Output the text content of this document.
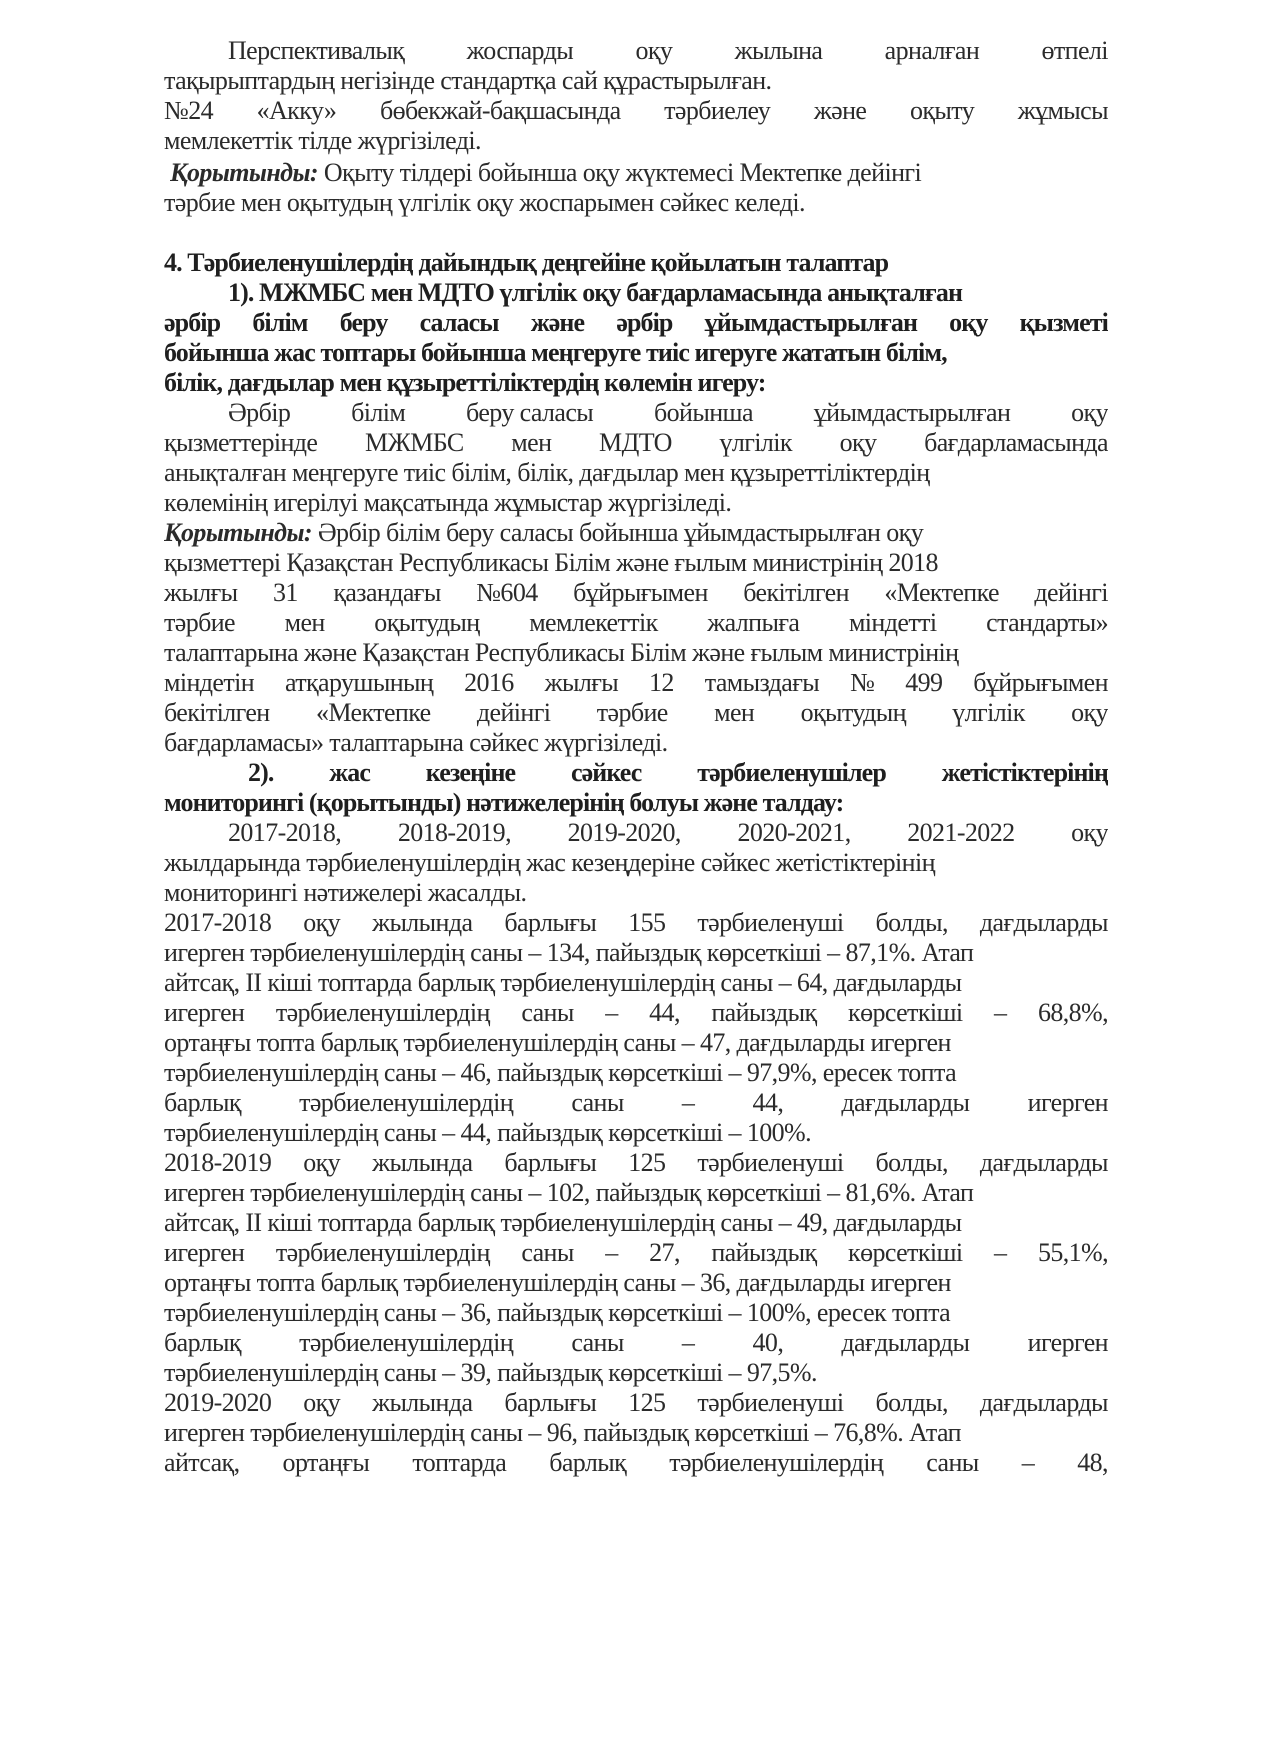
Перспективалық жоспарды оқу жылына арналған өтпелі
тақырыптардың негізінде стандартқа сай құрастырылған.
№24 «Акку» бөбекжай-бақшасында тәрбиелеу және оқыту жұмысы
мемлекеттік тілде жүргізіледі.
Қорытынды: Оқыту тілдері бойынша оқу жүктемесі Мектепке дейінгі
тәрбие мен оқытудың үлгілік оқу жоспарымен сәйкес келеді.
4. Тәрбиеленушілердің дайындық деңгейіне қойылатын талаптар
1). МЖМБС мен МДТО үлгілік оқу бағдарламасында анықталған
әрбір білім беру саласы және әрбір ұйымдастырылған оқу қызметі
бойынша жас топтары бойынша меңгеруге тиіс игеруге жататын білім,
білік, дағдылар мен құзыреттіліктердің көлемін игеру:
Әрбір білім беру саласы бойынша ұйымдастырылған оқу
қызметтерінде МЖМБС мен МДТО үлгілік оқу бағдарламасында
анықталған меңгеруге тиіс білім, білік, дағдылар мен құзыреттіліктердің
көлемінің игерілуі мақсатында жұмыстар жүргізіледі.
Қорытынды: Әрбір білім беру саласы бойынша ұйымдастырылған оқу
қызметтері Қазақстан Республикасы Білім және ғылым министрінің 2018
жылғы 31 қазандағы №604 бұйрығымен бекітілген «Мектепке дейінгі
тәрбие мен оқытудың мемлекеттік жалпыға міндетті стандарты»
талаптарына және Қазақстан Республикасы Білім және ғылым министрінің
міндетін атқарушының 2016 жылғы 12 тамыздағы № 499 бұйрығымен
бекітілген «Мектепке дейінгі тәрбие мен оқытудың үлгілік оқу
бағдарламасы» талаптарына сәйкес жүргізіледі.
2). жас кезеңіне сәйкес тәрбиеленушілер жетістіктерінің
мониторингі (қорытынды) нәтижелерінің болуы және талдау:
2017-2018, 2018-2019, 2019-2020, 2020-2021, 2021-2022 оқу
жылдарында тәрбиеленушілердің жас кезеңдеріне сәйкес жетістіктерінің
мониторингі нәтижелері жасалды.
2017-2018 оқу жылында барлығы 155 тәрбиеленуші болды, дағдыларды
игерген тәрбиеленушілердің саны – 134, пайыздық көрсеткіші – 87,1%. Атап
айтсақ, ІІ кіші топтарда барлық тәрбиеленушілердің саны – 64, дағдыларды
игерген тәрбиеленушілердің саны – 44, пайыздық көрсеткіші – 68,8%,
ортаңғы топта барлық тәрбиеленушілердің саны – 47, дағдыларды игерген
тәрбиеленушілердің саны – 46, пайыздық көрсеткіші – 97,9%, ересек топта
барлық тәрбиеленушілердің саны – 44, дағдыларды игерген
тәрбиеленушілердің саны – 44, пайыздық көрсеткіші – 100%.
2018-2019 оқу жылында барлығы 125 тәрбиеленуші болды, дағдыларды
игерген тәрбиеленушілердің саны – 102, пайыздық көрсеткіші – 81,6%. Атап
айтсақ, ІІ кіші топтарда барлық тәрбиеленушілердің саны – 49, дағдыларды
игерген тәрбиеленушілердің саны – 27, пайыздық көрсеткіші – 55,1%,
ортаңғы топта барлық тәрбиеленушілердің саны – 36, дағдыларды игерген
тәрбиеленушілердің саны – 36, пайыздық көрсеткіші – 100%, ересек топта
барлық тәрбиеленушілердің саны – 40, дағдыларды игерген
тәрбиеленушілердің саны – 39, пайыздық көрсеткіші – 97,5%.
2019-2020 оқу жылында барлығы 125 тәрбиеленуші болды, дағдыларды
игерген тәрбиеленушілердің саны – 96, пайыздық көрсеткіші – 76,8%. Атап
айтсақ, ортаңғы топтарда барлық тәрбиеленушілердің саны – 48,
